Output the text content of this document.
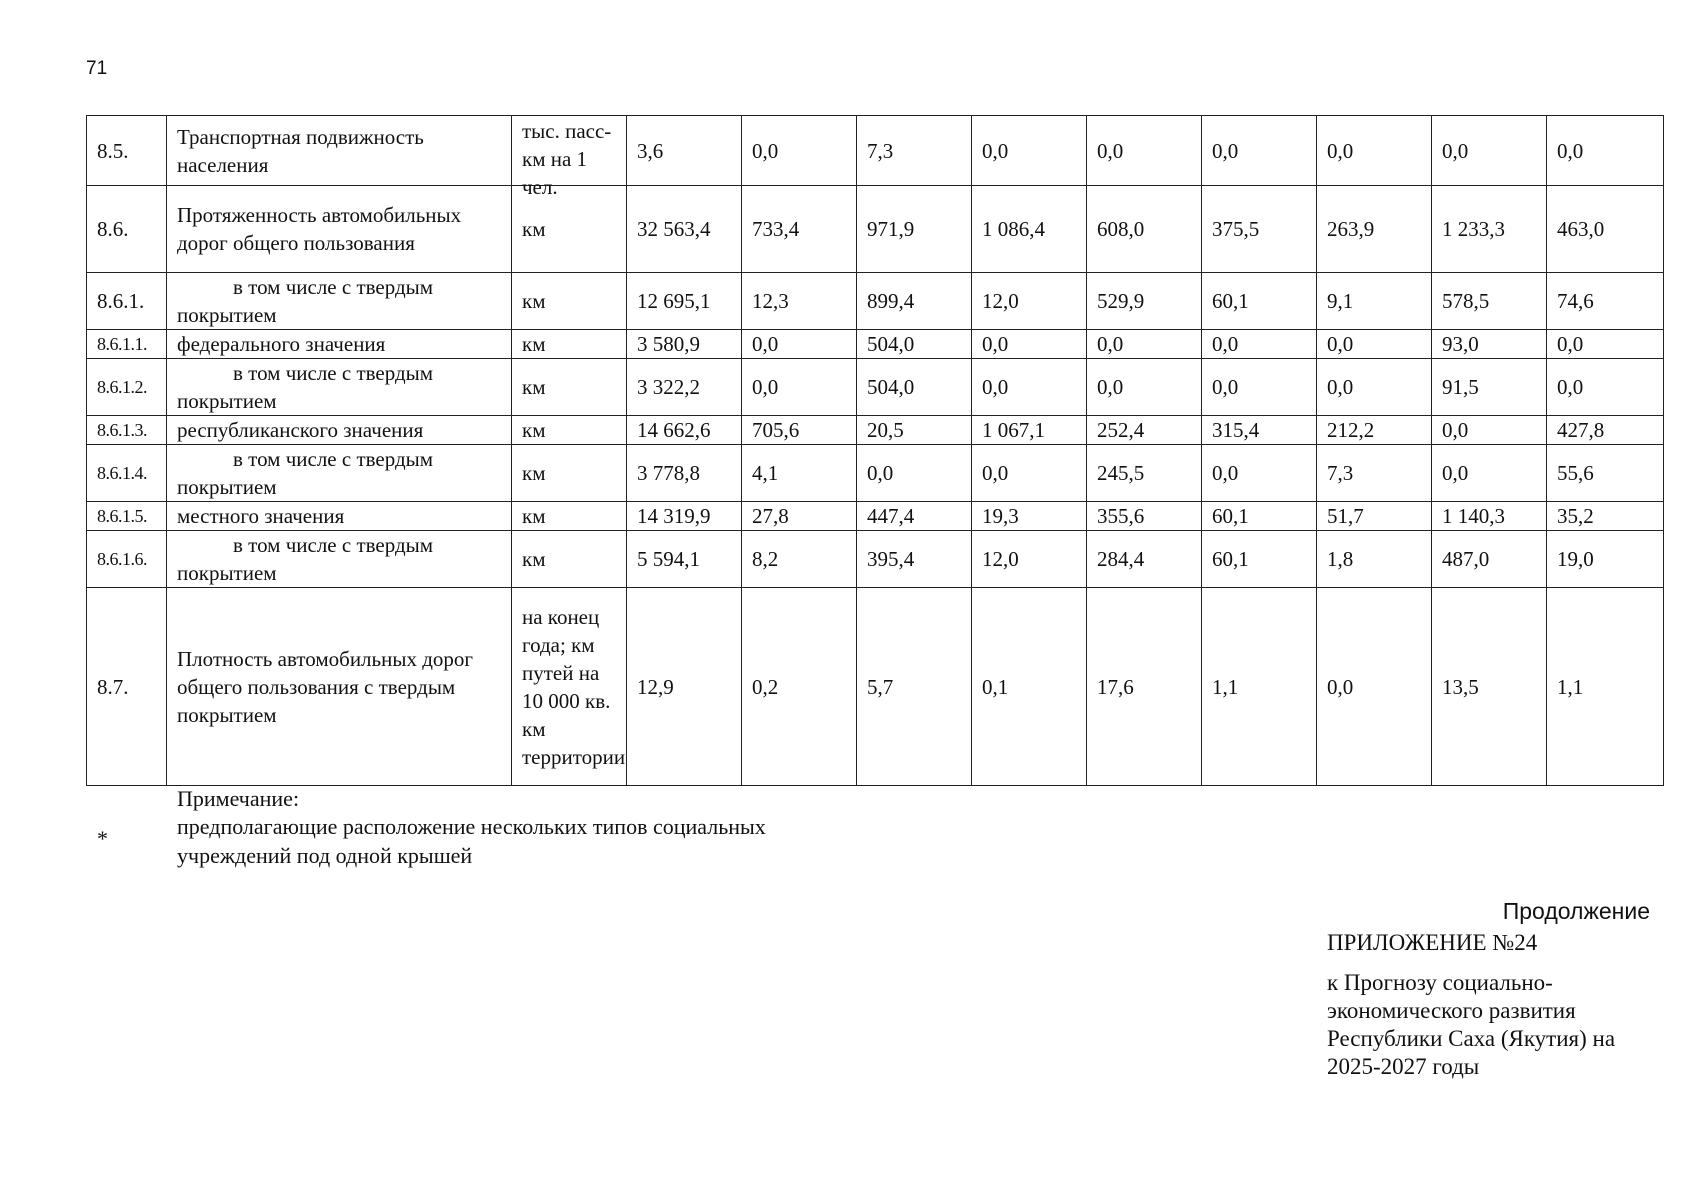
71
8.5.	Транспортная подвижность населения	тыс. пасс-км на 1 чел.	3,6	0,0	7,3	0,0	0,0	0,0	0,0	0,0	0,0
8.6.	Протяженность автомобильных дорог общего пользования	км	32 563,4	733,4	971,9	1 086,4	608,0	375,5	263,9	1 233,3	463,0
8.6.1.	в том числе с твердым покрытием	км	12 695,1	12,3	899,4	12,0	529,9	60,1	9,1	578,5	74,6
8.6.1.1.	федерального значения	км	3 580,9	0,0	504,0	0,0	0,0	0,0	0,0	93,0	0,0
8.6.1.2.	в том числе с твердым покрытием	км	3 322,2	0,0	504,0	0,0	0,0	0,0	0,0	91,5	0,0
8.6.1.3.	республиканского значения	км	14 662,6	705,6	20,5	1 067,1	252,4	315,4	212,2	0,0	427,8
8.6.1.4.	в том числе с твердым покрытием	км	3 778,8	4,1	0,0	0,0	245,5	0,0	7,3	0,0	55,6
8.6.1.5.	местного значения	км	14 319,9	27,8	447,4	19,3	355,6	60,1	51,7	1 140,3	35,2
8.6.1.6.	в том числе с твердым покрытием	км	5 594,1	8,2	395,4	12,0	284,4	60,1	1,8	487,0	19,0
8.7.	Плотность автомобильных дорог общего пользования с твердым покрытием	на конец года; км путей на 10 000 кв. км территории	12,9	0,2	5,7	0,1	17,6	1,1	0,0	13,5	1,1
Примечание:
*	предполагающие расположение нескольких типов социальных учреждений под одной крышей
Продолжение
ПРИЛОЖЕНИЕ №24
к Прогнозу социально-экономического развития Республики Саха (Якутия) на 2025-2027 годы
